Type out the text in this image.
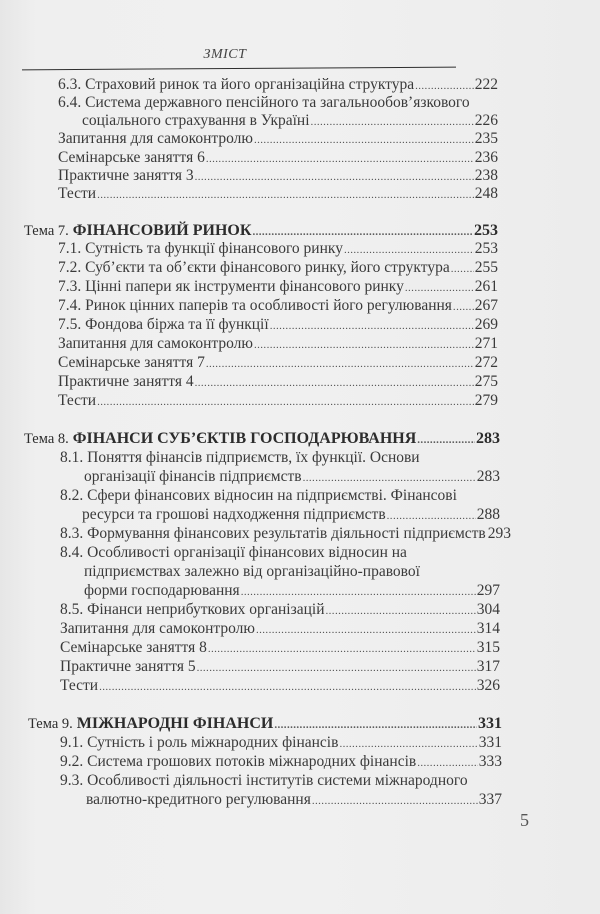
ЗМІСТ
6.3. Страховий ринок та його організаційна структура .....	222
6.4. Система державного пенсійного та загальнообов’язкового
соціального страхування в Україні .....	226
Запитання для самоконтролю .....	235
Семінарське заняття 6 .....	236
Практичне заняття 3 .....	238
Тести .....	248
Тема 7. ФІНАНСОВИЙ РИНОК .....	253
7.1. Сутність та функції фінансового ринку .....	253
7.2. Суб’єкти та об’єкти фінансового ринку, його структура ..... 255
7.3. Цінні папери як інструменти фінансового ринку .....	261
7.4. Ринок цінних паперів та особливості його регулювання ..... 267
7.5. Фондова біржа та її функції .....	269
Запитання для самоконтролю .....	271
Семінарське заняття 7 .....	272
Практичне заняття 4 .....	275
Тести .....	279
Тема 8. ФІНАНСИ СУБ’ЄКТІВ ГОСПОДАРЮВАННЯ .....	283
8.1. Поняття фінансів підприємств, їх функції. Основи
організації фінансів підприємств .....	283
8.2. Сфери фінансових відносин на підприємстві. Фінансові
ресурси та грошові надходження підприємств .....	288
8.3. Формування фінансових результатів діяльності підприємств 293
8.4. Особливості організації фінансових відносин на
підприємствах залежно від організаційно-правової
форми господарювання .....	297
8.5. Фінанси неприбуткових організацій .....	304
Запитання для самоконтролю .....	314
Семінарське заняття 8 .....	315
Практичне заняття 5 .....	317
Тести .....	326
Тема 9. МІЖНАРОДНІ ФІНАНСИ .....	331
9.1. Сутність і роль міжнародних фінансів .....	331
9.2. Система грошових потоків міжнародних фінансів .....	333
9.3. Особливості діяльності інститутів системи міжнародного
валютно-кредитного регулювання .....	337
5
